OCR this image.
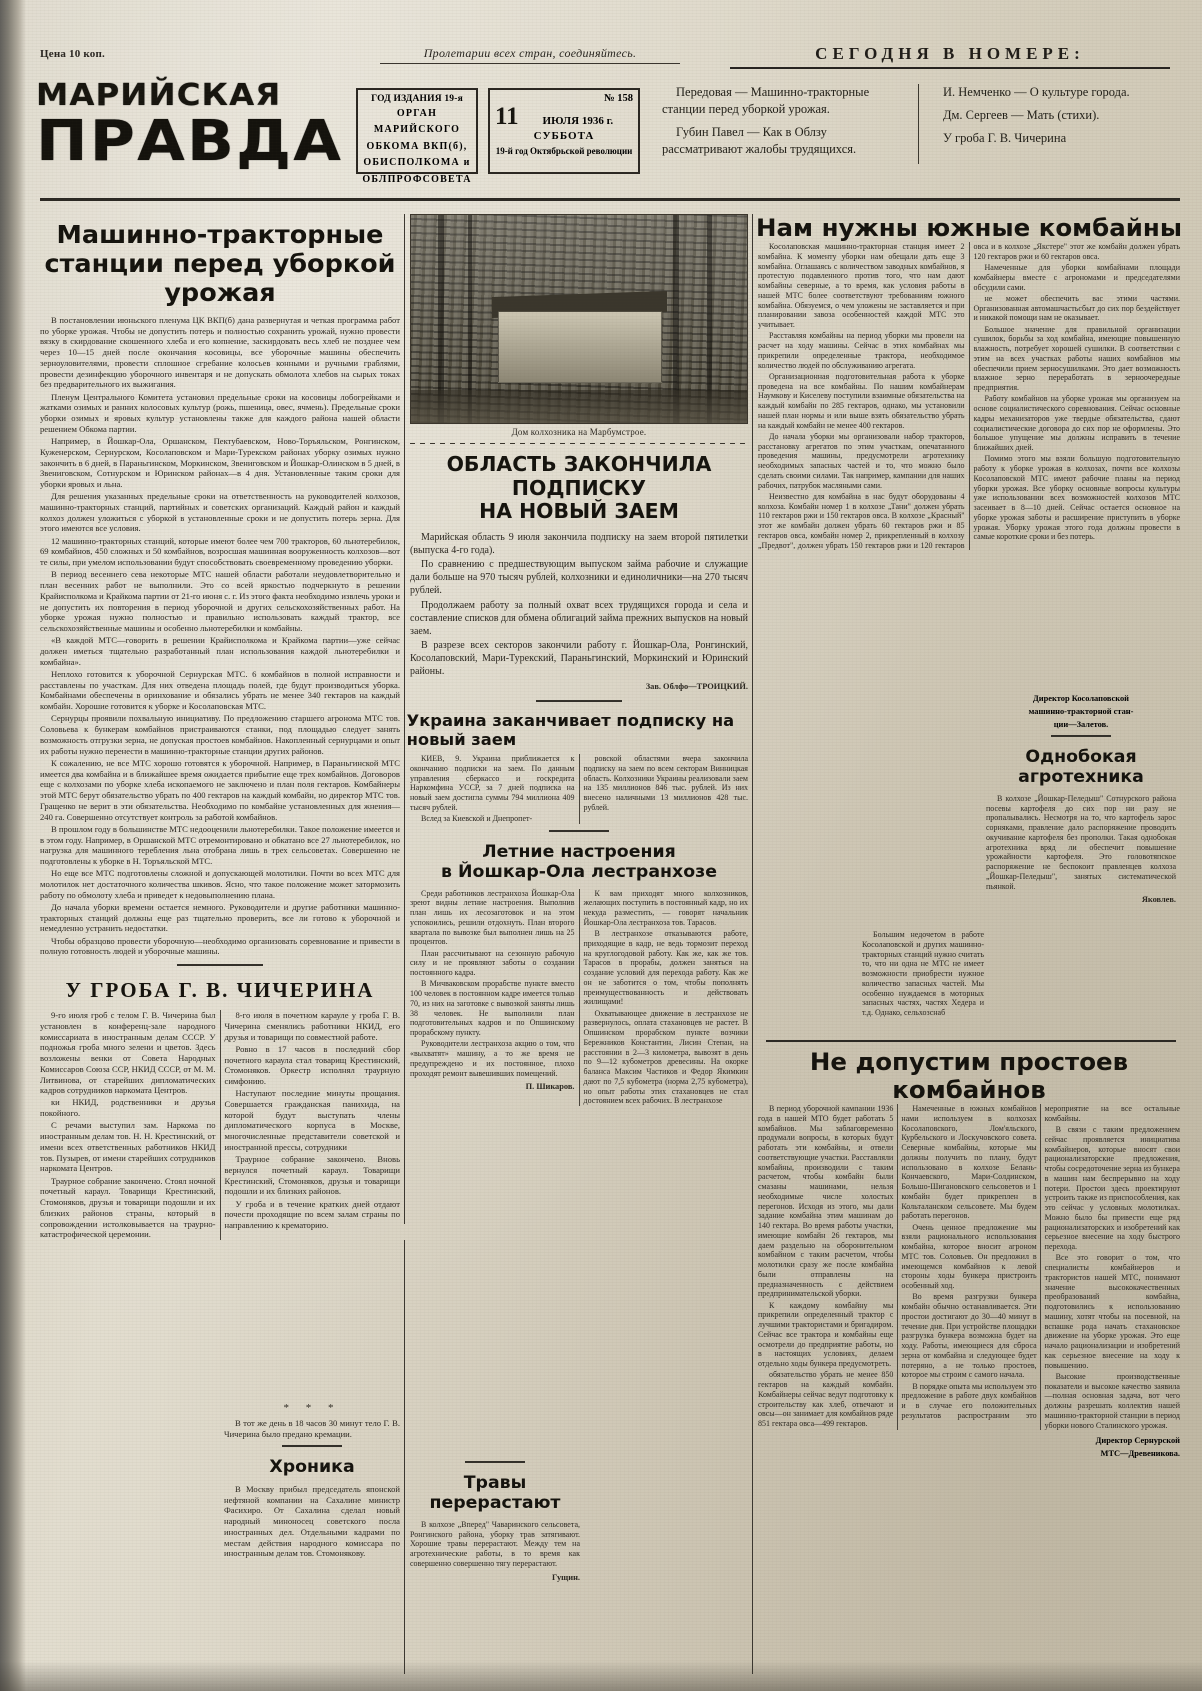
Цена 10 коп.	Пролетарии всех стран, соединяйтесь.	СЕГОДНЯ В НОМЕРЕ:
МАРИЙСКАЯ
ПРАВДА
ГОД ИЗДАНИЯ 19-я
ОРГАН
МАРИЙСКОГО
ОБКОМА ВКП(б),
ОБИСПОЛКОМА и
ОБЛПРОФСОВЕТА
№ 158
11	ИЮЛЯ 1936 г.
СУББОТА
19-й год Октябрьской революции
Передовая — Машинно-тракторные станции перед уборкой урожая.
Губин Павел — Как в Облзу рассматривают жалобы трудящихся.
И. Немченко — О культуре города.
Дм. Сергеев — Мать (стихи).
У гроба Г. В. Чичерина
Машинно-тракторные станции перед уборкой урожая

В постановлении июньского пленума ЦК ВКП(б) дана развернутая и четкая программа работ по уборке урожая. Чтобы не допустить потерь и полностью сохранить урожай, нужно провести вязку в скирдование скошенного хлеба и его копнение, заскирдовать весь хлеб не позднее чем через 10—15 дней после окончания косовицы, все уборочные машины обеспечить зерноуловителями, провести сплошное сгребание колосьев конными и ручными граблями, провести дезинфекцию уборочного инвентаря и не допускать обмолота хлебов на сырых токах без предварительного их выжигания.

Пленум Центрального Комитета установил предельные сроки на косовицы лобогрейками и жатками озимых и ранних колосовых культур (рожь, пшеница, овес, ячмень). Предельные сроки уборки озимых и яровых культур установлены также для каждого района нашей области решением Обкома партии.

Например, в Йошкар-Ола, Оршанском, Пектубаевском, Ново-Торъяльском, Ронгинском, Куженерском, Сернурском, Косолаповском и Мари-Турекском районах уборку озимых нужно закончить в 6 дней, в Параньгинском, Моркинском, Звениговском и Йошкар-Олинском в 5 дней, в Звениговском, Сотнурском и Юринском районах—в 4 дня. Установленные таким сроки для уборки яровых и льна.

Для решения указанных предельные сроки на ответственность на руководителей колхозов, машинно-тракторных станций, партийных и советских организаций. Каждый район и каждый колхоз должен уложиться с уборкой в установленные сроки и не допустить потерь зерна. Для этого имеются все условия.

12 машинно-тракторных станций, которые имеют более чем 700 тракторов, 60 льнотеребилок, 69 комбайнов, 450 сложных и 50 комбайнов, возросшая машинная вооруженность колхозов—вот те силы, при умелом использовании будут способствовать своевременному проведению уборки.

В период весеннего сева некоторые МТС нашей области работали неудовлетворительно и план весенних работ не выполнили. Это со всей яркостью подчеркнуто в решении Крайисполкома и Крайкома партии от 21-го июня с. г. Из этого факта необходимо извлечь уроки и не допустить их повторения в период уборочной и других сельскохозяйственных работ. На уборке урожая нужно полностью и правильно использовать каждый трактор, все сельскохозяйственные машины и особенно льнотеребилки и комбайны.

«В каждой МТС—говорить в решении Крайисполкома и Крайкома партии—уже сейчас должен иметься тщательно разработанный план использования каждой льнотеребилки и комбайна».

Неплохо готовится к уборочной Сернурская МТС. 6 комбайнов в полной исправности и расставлены по участкам. Для них отведена площадь полей, где будут производиться уборка. Комбайнами обеспечены в оринхование и обязались убрать не менее 340 гектаров на каждый комбайн. Хорошие готовится к уборке и Косолаповская МТС.

Сернурцы проявили похвальную инициативу. По предложению старшего агронома МТС тов. Соловьева к бункерам комбайнов пристраиваются станки, под площадью следует занять возможность отгрузки зерна, не допуская простоев комбайнов. Накопленный сернурцами и опыт их работы нужно перенести в машинно-тракторные станции других районов.

К сожалению, не все МТС хорошо готовятся к уборочной. Например, в Параньгинской МТС имеется два комбайна и в ближайшее время ожидается прибытие еще трех комбайнов. Договоров еще с колхозами по уборке хлеба ископаемого не заключено и план поля гектаров. Комбайнеры этой МТС берут обязательство убрать по 400 гектаров на каждый комбайн, но директор МТС тов. Гращенко не верит в эти обязательства. Необходимо по комбайне установленных для жнения—240 га. Совершенно отсутствует контроль за работой комбайнов.

В прошлом году в большинстве МТС недооценили льнотеребилки. Такое положение имеется и в этом году. Например, в Оршанской МТС отремонтировано и обкатано все 27 льнотеребилок, но нагрузка для машинного теребления льна отобрана лишь в трех сельсоветах. Совершенно не подготовлены к уборке в Н. Торъяльской МТС.

Но еще все МТС подготовлены сложной и допускающей молотилки. Почти во всех МТС для молотилок нет достаточного количества шкивов. Ясно, что такое положение может затормозить работу по обмолоту хлеба и приведет к недовыполнению плана.

До начала уборки времени остается немного. Руководители и другие работники машинно-тракторных станций должны еще раз тщательно проверить, все ли готово к уборочной и немедленно устранить недостатки.

Чтобы образцово провести уборочную—необходимо организовать соревнование и привести в полную готовность людей и уборочные машины.

У ГРОБА Г. В. ЧИЧЕРИНА

9-го июля гроб с телом Г. В. Чичерина был установлен в конференц-зале народного комиссариата в иностранным делам СССР. У подножья гроба много зелени и цветов. Здесь возложены венки от Совета Народных Комиссаров Союза ССР, НКИД СССР, от М. М. Литвинова, от старейших дипломатических кадров сотрудников наркомата Центров.

ки НКИД, родственники и друзья покойного.

С речами выступил зам. Наркома по иностранным делам тов. Н. Н. Крестинский, от имени всех ответственных работников НКИД тов. Пузырев, от имени старейших сотрудников наркомата Центров.

Траурное собрание закончено. Стоял ночной почетный караул. Товарищи Крестинский, Стомоняков, друзья и товарищи подошли и их близких районов страны, который в сопровождении истолковывается на траурно-катастрофической церемонии.

8-го июля в почетном карауле у гроба Г. В. Чичерина сменялись работники НКИД, его друзья и товарищи по совместной работе.

Ровно в 17 часов в последний сбор почетного караула стал товарищ Крестинский, Стомоняков. Оркестр исполнял траурную симфонию.

Наступают последние минуты прощания. Совершается гражданская панихида, на которой будут выступать члены дипломатического корпуса в Москве, многочисленные представители советской и иностранной прессы, сотрудники

Траурное собрание закончено. Вновь вернулся почетный караул. Товарищи Крестинский, Стомоняков, друзья и товарищи подошли и их близких районов.

У гроба и в течение кратких дней отдают почести проходящие по всем залам страны по направлению к крематорию.

* * *

В тот же день в 18 часов 30 минут тело Г. В. Чичерина было предано кремации.

Хроника

В Москву прибыл председатель японской нефтяной компании на Сахалине министр Фасихиро. От Сахалина сделал новый народный миноносец советского посла иностранных дел. Отдельными кадрами по местам действия народного комиссара по иностранным делам тов. Стомонякову.

Дом колхозника на Марбумстрое.
ОБЛАСТЬ ЗАКОНЧИЛА ПОДПИСКУ
НА НОВЫЙ ЗАЕМ

Марийская область 9 июля закончила подписку на заем второй пятилетки (выпуска 4-го года).

По сравнению с предшествующим выпуском займа рабочие и служащие дали больше на 970 тысяч рублей, колхозники и единоличники—на 270 тысяч рублей.

Продолжаем работу за полный охват всех трудящихся города и села и составление списков для обмена облигаций займа прежних выпусков на новый заем.

В разрезе всех секторов закончили работу г. Йошкар-Ола, Ронгинский, Косолаповский, Мари-Турекский, Параньгинский, Моркинский и Юринский районы.

Зав. Облфо—ТРОИЦКИЙ.
Украина заканчивает подписку на новый заем

КИЕВ, 9. Украина приближается к окончанию подписки на заем. По данным управления сберкассо и госкредита Наркомфина УССР, за 7 дней подписка на новый заем достигла суммы 794 миллиона 409 тысяч рублей.

Вслед за Киевской и Днепропет-

ровской областями вчера закончила подписку на заем по всем секторам Винницкая область. Колхозники Украины реализовали заем на 135 миллионов 846 тыс. рублей. Из них внесено наличными 13 миллионов 428 тыс. рублей.

Летние настроения
в Йошкар-Ола лестранхозе

Среди работников лестранхоза Йошкар-Ола зреют видны летние настроения. Выполнив план лишь их лесозаготовок и на этом успокоились, решили отдохнуть. План второго квартала по вывозке был выполнен лишь на 25 процентов.

План рассчитывают на сезонную рабочую силу и не проявляют заботы о создании постоянного кадра.

В Мичваковском прорабстве пункте вместо 100 человек в постоянном кадре имеется только 70, из них на заготовке с вывозкой заняты лишь 38 человек. Не выполнили план подготовительных кадров и по Опшинскому прорабскому пункту.

Руководители лестранхоза акцию о том, что «выхватят» машину, а то же время не предупреждено и их постоянное, плохо проходят ремонт вывешивших помещений.

П. Шикаров.

К вам приходят много колхозников, желающих поступить в постоянный кадр, но их некуда разместить, — говорят начальник Йошкар-Ола лестранхоза тов. Тарасов.

В лестранхозе отказываются работе, приходящие в кадр, не ведь тормозит переход на круглогодовой работу. Как же, как же тов. Тарасов в прорабы, должен заняться на создание условий для перехода работу. Как же он не заботится о том, чтобы пополнять преимуществованность и действовать жилищами!

Охватывающее движение в лестранхозе не развернулось, оплата стахановцев не растет. В Опшинском прорабском пункте возчики Бережников Константин, Лисин Степан, на расстоянии в 2—3 километра, вывозят в день по 9—12 кубометров древесины. На окорке баланса Максим Частиков и Федор Якимкин дают по 7,5 кубометра (норма 2,75 кубометра), но опыт работы этих стахановцев не стал достоянием всех рабочих. В лестранхозе

Травы перерастают

В колхозе „Вперед" Чаваринского сельсовета, Ронгинского района, уборку трав затягивают. Хорошие травы перерастают. Между тем на агротехнические работы, в то время как совершенно совершенно тягу перерастают.

Гущин.
Нам нужны южные комбайны

Косолаповская машинно-тракторная станция имеет 2 комбайна. К моменту уборки нам обещали дать еще 3 комбайна. Оглашаясь с количеством заводных комбайнов, я протестую подавленного против того, что нам дают комбайны северные, а то время, как условия работы в нашей МТС более соответствуют требованиям южного комбайна. Обязуемся, о чем уложены не заставляется и при планировании завоза особенностей каждой МТС это учитывает.

Расставляя комбайны на период уборки мы провели на расчет на ходу машины. Сейчас в этих комбайнах мы прикрепили определенные трактора, необходимое количество людей по обслуживанию агрегата.

Организационная подготовительная работа к уборке проведена на все комбайны. По нашим комбайнерам Наумкову и Киселеву поступили взаимные обязательства на каждый комбайн по 285 гектаров, однако, мы установили нашей план нормы и или выше взять обязательство убрать на каждый комбайн не менее 400 гектаров.

До начала уборки мы организовали набор тракторов, расстановку агрегатов по этим участкам, опечатанного проведения машины, предусмотрели агротехнику необходимых запасных частей и то, что можно было сделать своими силами. Так например, кампании для наших рабочих, патрубок масляными сами.

Неизвестно для комбайна в нас будут оборудованы 4 колхоза. Комбайн номер 1 в колхозе „Тани" должен убрать 110 гектаров ржи и 150 гектаров овса. В колхозе „Красный" этот же комбайн должен убрать 60 гектаров ржи и 85 гектаров овса, комбайн номер 2, прикрепленный в колхозу „Предвот", должен убрать 150 гектаров ржи и 120 гектаров овса и в колхозе „Якстере" этот же комбайн должен убрать 120 гектаров ржи и 60 гектаров овса.

Намеченные для уборки комбайнами площади комбайнеры вместе с агрономами и председателями обсудили сами.

не может обеспечить вас этими частями. Организованная автомашчастьсбыт до сих пор бездействует и никакой помощи нам не оказывает.

Большое значение для правильной организации сушилок, борьбы за ход комбайна, имеющие повышенную влажность, потребует хорошей сушилки. В соответствии с этим на всех участках работы наших комбайнов мы обеспечили прием зерносушилками. Это дает возможность влажное зерно переработать в зерноочередные предприятия.

Работу комбайнов на уборке урожая мы организуем на основе социалистического соревнования. Сейчас основные кадры механизаторов уже твердые обязательства, сдают социалистические договора до сих пор не оформлены. Это большое упущение мы должны исправить в течение ближайших дней.

Помимо этого мы взяли большую подготовительную работу к уборке урожая в колхозах, почти все колхозы Косолаповской МТС имеют рабочие планы на период уборки урожая. Все уборку основные вопросы культуры уже использовании всех возможностей колхозов МТС засеивает в 8—10 дней. Сейчас остается основное на уборке урожая заботы и расширение приступить в уборке урожая. Уборку урожая этого года должны провести в самые короткие сроки и без потерь.

Директор Косолаповской
машинно-тракторной стан-
ции—Залетов.
Однобокая агротехника

В колхозе „Йошкар-Пеледыш" Сотнурского района посевы картофеля до сих пор ни разу не пропалывались. Несмотря на то, что картофель зарос сорняками, правление дало распоряжение проводить окучивание картофеля без прополки. Такая однобокая агротехника вряд ли обеспечит повышение урожайности картофеля. Это головотяпское распоряжение не беспокоит правленцев колхоза „Йошкар-Пеледыш", занятых систематической пьянкой.

Яковлев.

Большим недочетом в работе Косолаповской и других машинно-тракторных станций нужно считать то, что ни одна не МТС не имеет возможности приобрести нужное количество запасных частей. Мы особенно нуждаемся в моторных запасных частях, частях Хедера и т.д. Однако, сельхозснаб

Не допустим простоев комбайнов

В период уборочной кампании 1936 года в нашей МТО будет работать 5 комбайнов. Мы заблаговременно продумали вопросы, в которых будут работать эти комбайны, и отвели соответствующие участки. Расставляли комбайны, производили с таким расчетом, чтобы комбайн были смазаны машинами, нельзя необходимые числе холостых перегонов. Исходя из этого, мы дали задание комбайна этим машинам до 140 гектара. Во время работы участки, имеющие комбайн 26 гектаров, мы даем раздельно на оборонительном комбайном с таким расчетом, чтобы молотилки сразу же после комбайна были отправлены на предназначенность с действием предпринимательской уборки.

К каждому комбайну мы прикрепили определенный трактор с лучшими трактористами и бригадиром. Сейчас все трактора и комбайны еще осмотрели до предприятие работы, но в настоящих условиях, делаем отдельно ходы бункера предусмотреть.

обязательство убрать не менее 850 гектаров на каждый комбайн. Комбайнеры сейчас ведут подготовку к строительству как хлеб, отвечают и овсы—он занимает для комбайнов ряде 851 гектара овса—499 гектаров.

Намеченные в южных комбайнов нами используем в колхозах Косолаповского, Лом'яльского, Курбельского и Лоскучовского совета. Северные комбайны, которые мы должны получить по плану, будут использовано в колхозе Белань-Кончаевского, Мари-Солдинском, Большо-Шигановского сельсоветов и 1 комбайн будет прикреплен в Кольталанском сельсовете. Мы будем работать перегонов.

Очень ценное предложение мы взяли рационального использования комбайна, которое вносит агроном МТС тов. Соловьев. Он предложил в имеющемся комбайнов к левой стороны ходы бункера пристроить особенный ход.

Во время разгрузки бункера комбайн обычно останавливается. Эти простои достигают до 30—40 минут в течение дня. При устройстве площадки разгрузка бункера возможна будет на ходу. Работы, имеющиеся для сброса зерна от комбайна и следующее будет потеряно, а не только простоев, которое мы строим с самого начала.

В порядке опыта мы используем это предложение в работе двух комбайнов и в случае его положительных результатов распространим это мероприятие на все остальные комбайны.

В связи с таким предложением сейчас проявляется инициатива комбайнеров, которые вносят свои рационализаторские предложения, чтобы сосредоточение зерна из бункера в машин нам беспрерывно на ходу потери. Простои здесь проектируют устроить также из приспособления, как это сейчас у условных молотилках. Можно было бы привести еще ряд рационализаторских и изобретений как серьезное внесение на ходу быстрого перехода.

Все это говорит о том, что специалисты комбайнеров и трактористов нашей МТС, понимают значение высококачественных преобразований комбайна, подготовились к использованию машину, хотят чтобы на посевной, на вспашке рода начать стахановское движение на уборке урожая. Это еще начало рационализации и изобретений как серьезное внесение на ходу к повышению.

Высокие производственные показатели и высокое качество заявила—полная основная задача, вот чего должны разрешать коллектив нашей машинно-тракторной станции в период уборки нового Сталинского урожая.

Директор Сернурской
МТС—Древеникова.
